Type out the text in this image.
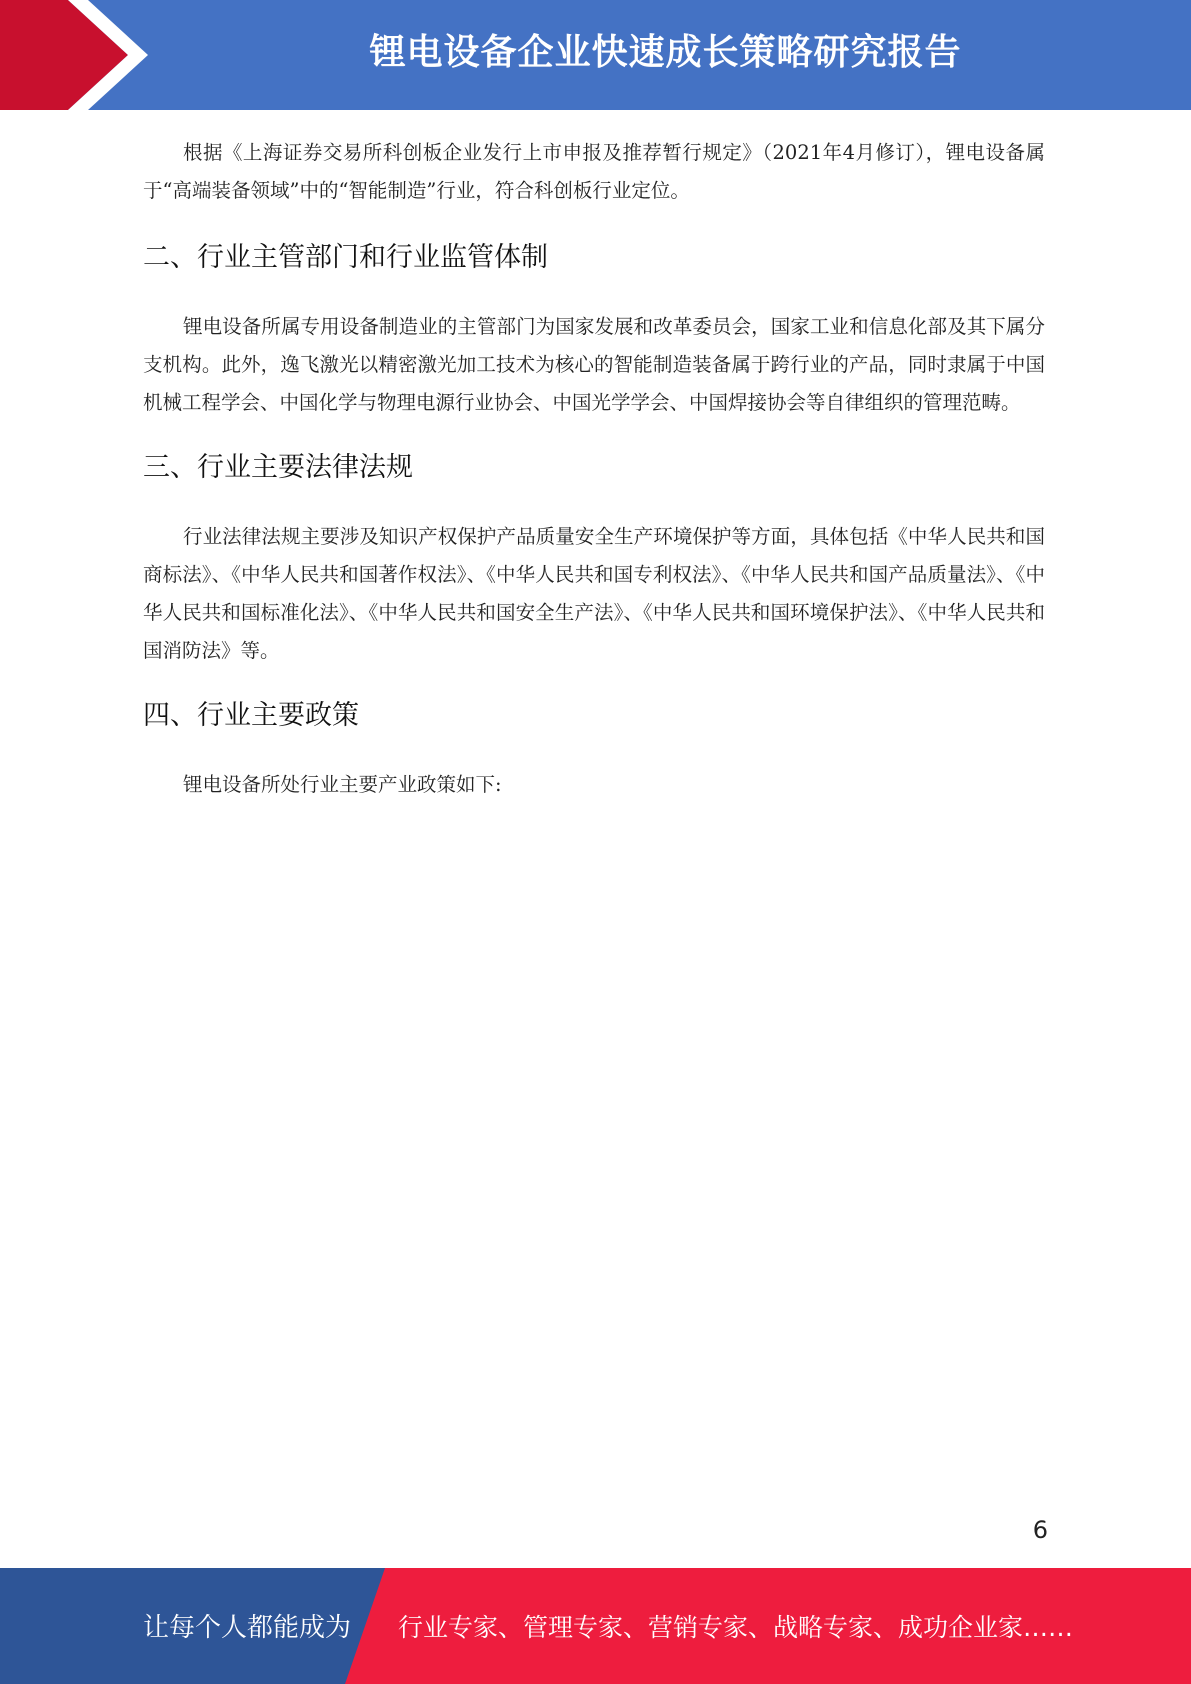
锂电设备企业快速成长策略研究报告

根据《上海证券交易所科创板企业发行上市申报及推荐暂行规定》（2021年4月修订），锂电设备属于“高端装备领域”中的“智能制造”行业，符合科创板行业定位。

二、行业主管部门和行业监管体制

锂电设备所属专用设备制造业的主管部门为国家发展和改革委员会，国家工业和信息化部及其下属分支机构。此外，逸飞激光以精密激光加工技术为核心的智能制造装备属于跨行业的产品，同时隶属于中国机械工程学会、中国化学与物理电源行业协会、中国光学学会、中国焊接协会等自律组织的管理范畴。

三、行业主要法律法规

行业法律法规主要涉及知识产权保护产品质量安全生产环境保护等方面，具体包括《中华人民共和国商标法》、《中华人民共和国著作权法》、《中华人民共和国专利权法》、《中华人民共和国产品质量法》、《中华人民共和国标准化法》、《中华人民共和国安全生产法》、《中华人民共和国环境保护法》、《中华人民共和国消防法》等。

四、行业主要政策

锂电设备所处行业主要产业政策如下:

6
让每个人都能成为 行业专家、管理专家、营销专家、战略专家、成功企业家……
